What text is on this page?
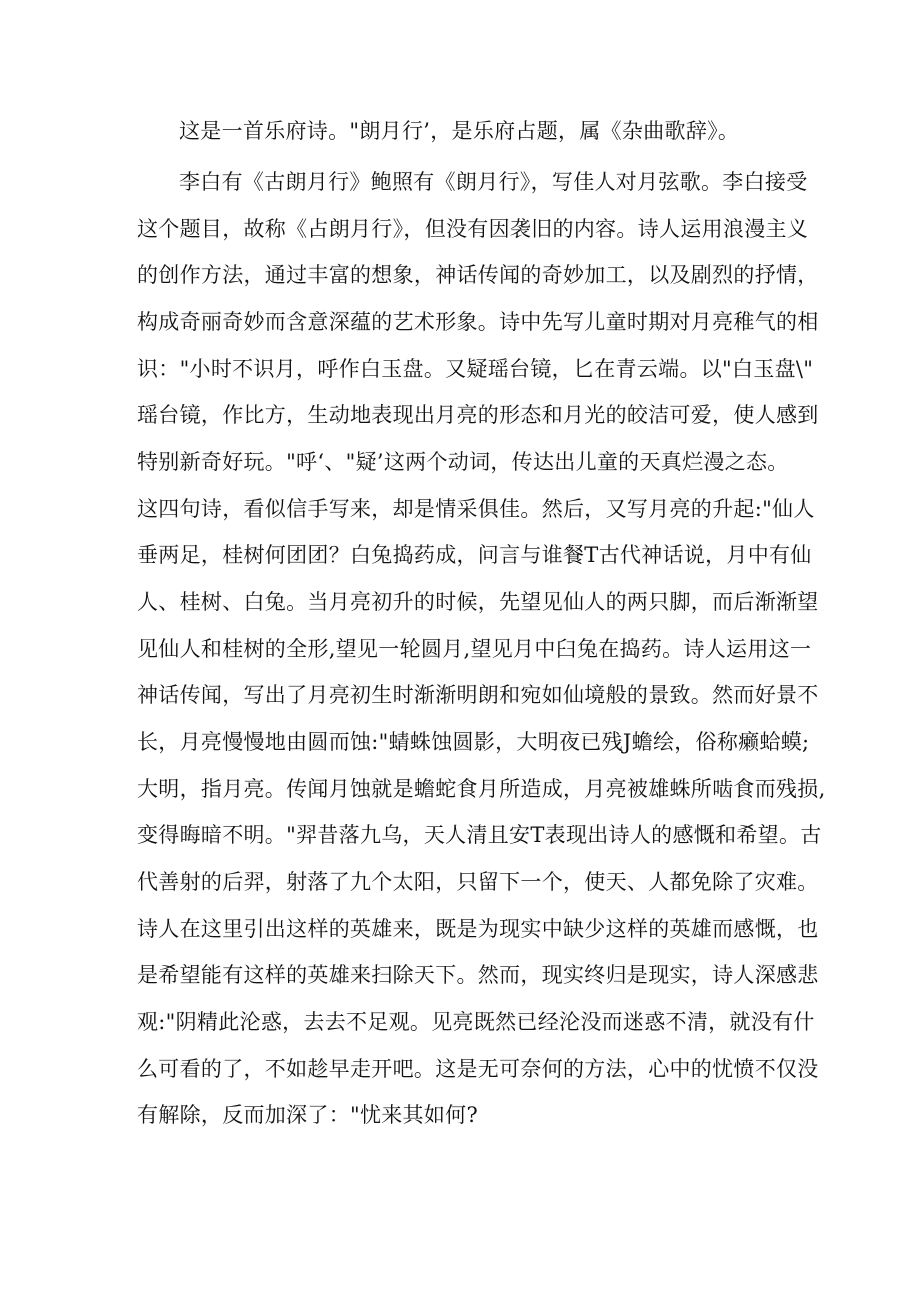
这是一首乐府诗。"朗月行’，是乐府占题，属《杂曲歌辞》。
李白有《古朗月行》鲍照有《朗月行》，写佳人对月弦歌。李白接受
这个题目，故称《占朗月行》，但没有因袭旧的内容。诗人运用浪漫主义
的创作方法，通过丰富的想象，神话传闻的奇妙加工，以及剧烈的抒情，
构成奇丽奇妙而含意深蕴的艺术形象。诗中先写儿童时期对月亮稚气的相
识："小时不识月，呼作白玉盘。又疑瑶台镜，匕在青云端。以"白玉盘\"
瑶台镜，作比方，生动地表现出月亮的形态和月光的皎洁可爱，使人感到
特别新奇好玩。"呼‘、"疑’这两个动词，传达出儿童的天真烂漫之态。
这四句诗，看似信手写来，却是情采俱佳。然后，又写月亮的升起:"仙人
垂两足，桂树何团团？白兔捣药成，问言与谁餐T古代神话说，月中有仙
人、桂树、白兔。当月亮初升的时候，先望见仙人的两只脚，而后渐渐望
见仙人和桂树的全形,望见一轮圆月,望见月中臼兔在捣药。诗人运用这一
神话传闻，写出了月亮初生时渐渐明朗和宛如仙境般的景致。然而好景不
长，月亮慢慢地由圆而蚀:"蜻蛛蚀圆影，大明夜已残J蟾绘，俗称癞蛤蟆;
大明，指月亮。传闻月蚀就是蟾蛇食月所造成，月亮被雄蛛所啮食而残损,
变得晦暗不明。"羿昔落九乌，天人清且安T表现出诗人的感慨和希望。古
代善射的后羿，射落了九个太阳，只留下一个，使天、人都免除了灾难。
诗人在这里引出这样的英雄来，既是为现实中缺少这样的英雄而感慨，也
是希望能有这样的英雄来扫除天下。然而，现实终归是现实，诗人深感悲
观:"阴精此沦惑，去去不足观。见亮既然已经沦没而迷惑不清，就没有什
么可看的了，不如趁早走开吧。这是无可奈何的方法，心中的忧愤不仅没
有解除，反而加深了："忧来其如何?
